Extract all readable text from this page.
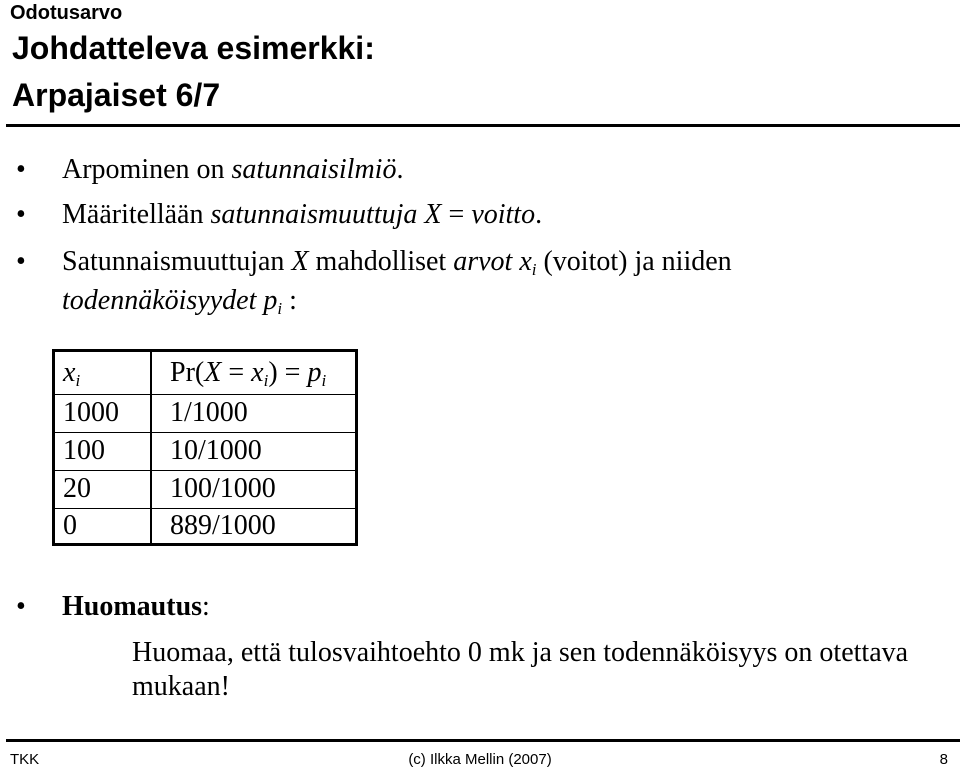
Odotusarvo
Johdatteleva esimerkki:
Arpajaiset 6/7
• Arpominen on satunnaisilmiö.
• Määritellään satunnaismuuttuja X = voitto.
• Satunnaismuuttujan X mahdolliset arvot $x_i$ (voitot) ja niiden
todennäköisyydet $p_i$ :
$x_i$	$Pr(X = x_i) = p_i$
1000 1/1000
100 10/1000
20	100/1000
0	889/1000
• Huomautus:
Huomaa, että tulosvaihtoehto 0 mk ja sen todennäköisyys on otettava mukaan!
TKK	(c) Ilkka Mellin (2007)	8
